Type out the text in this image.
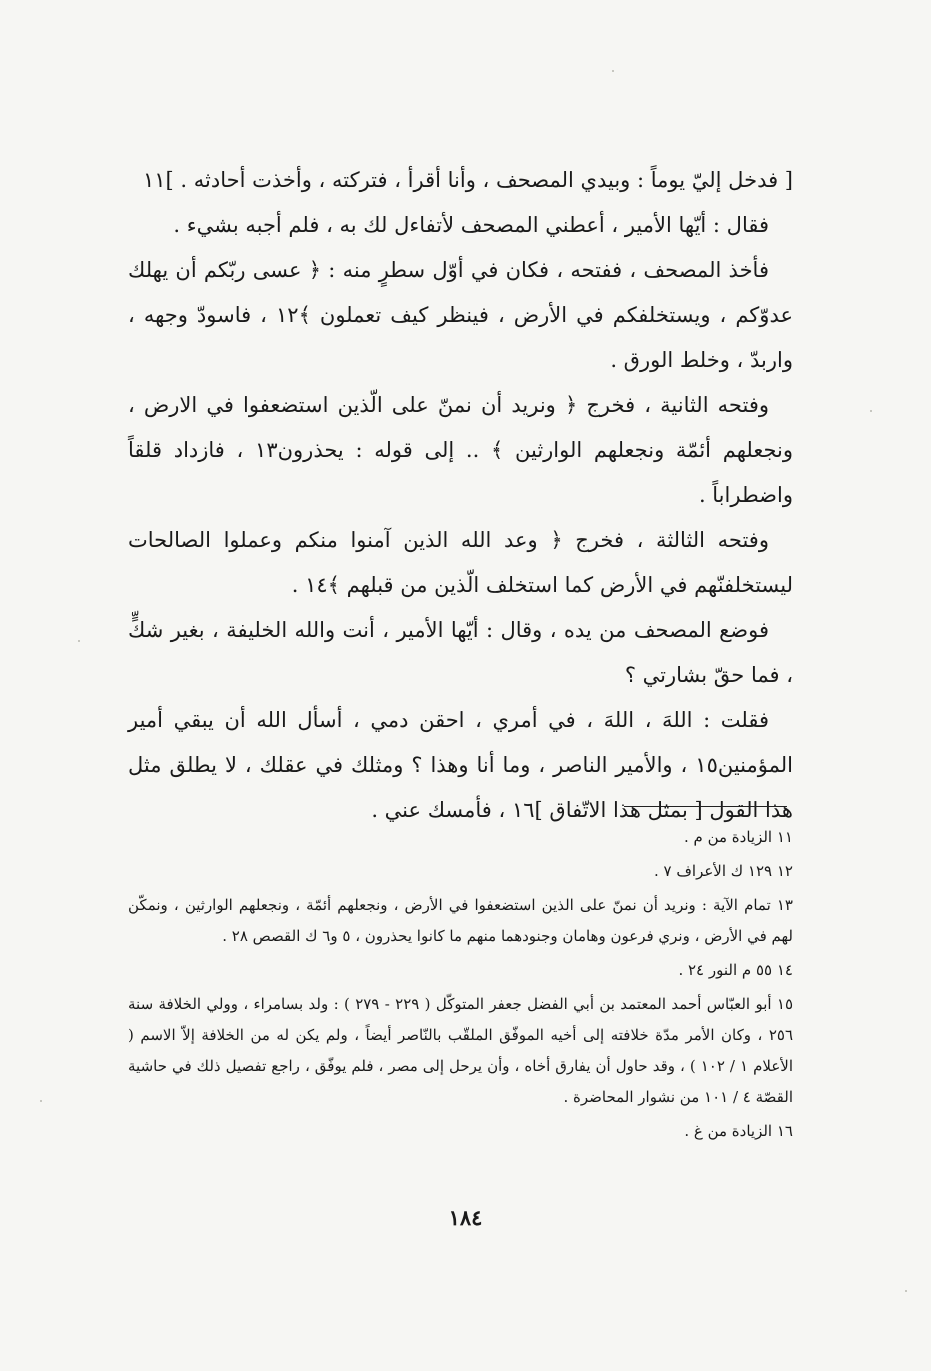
[ فدخل إليّ يوماً : وبيدي المصحف ، وأنا أقرأ ، فتركته ، وأخذت أحادثه . ]١١

فقال : أيّها الأمير ، أعطني المصحف لأتفاءل لك به ، فلم أجبه بشيء .

فأخذ المصحف ، ففتحه ، فكان في أوّل سطرٍ منه : ﴿ عسى ربّكم أن يهلك عدوّكم ، ويستخلفكم في الأرض ، فينظر كيف تعملون ﴾١٢ ، فاسودّ وجهه ، واربدّ ، وخلط الورق .

وفتحه الثانية ، فخرج ﴿ ونريد أن نمنّ على الّذين استضعفوا في الارض ، ونجعلهم أئمّة ونجعلهم الوارثين ﴾ .. إلى قوله : يحذرون١٣ ، فازداد قلقاً واضطراباً .

وفتحه الثالثة ، فخرج ﴿ وعد الله الذين آمنوا منكم وعملوا الصالحات ليستخلفنّهم في الأرض كما استخلف الّذين من قبلهم ﴾١٤ .

فوضع المصحف من يده ، وقال : أيّها الأمير ، أنت والله الخليفة ، بغير شكٍّ ، فما حقّ بشارتي ؟

فقلت : اللهَ ، اللهَ ، في أمري ، احقن دمي ، أسأل الله أن يبقي أمير المؤمنين١٥ ، والأمير الناصر ، وما أنا وهذا ؟ ومثلك في عقلك ، لا يطلق مثل هذا القول [ بمثل هذا الاتّفاق ]١٦ ، فأمسك عني .

١١ الزيادة من م .

١٢ ١٢٩ ك الأعراف ٧ .

١٣ تمام الآية : ونريد أن نمنّ على الذين استضعفوا في الأرض ، ونجعلهم أئمّة ، ونجعلهم الوارثين ، ونمكّن لهم في الأرض ، ونري فرعون وهامان وجنودهما منهم ما كانوا يحذرون ، ٥ و٦ ك القصص ٢٨ .

١٤ ٥٥ م النور ٢٤ .

١٥ أبو العبّاس أحمد المعتمد بن أبي الفضل جعفر المتوكّل ( ٢٢٩ - ٢٧٩ ) : ولد بسامراء ، وولي الخلافة سنة ٢٥٦ ، وكان الأمر مدّة خلافته إلى أخيه الموفّق الملقّب بالنّاصر أيضاً ، ولم يكن له من الخلافة إلاّ الاسم ( الأعلام ١ / ١٠٢ ) ، وقد حاول أن يفارق أخاه ، وأن يرحل إلى مصر ، فلم يوفّق ، راجع تفصيل ذلك في حاشية القصّة ٤ / ١٠١ من نشوار المحاضرة .

١٦ الزيادة من غ .

١٨٤
